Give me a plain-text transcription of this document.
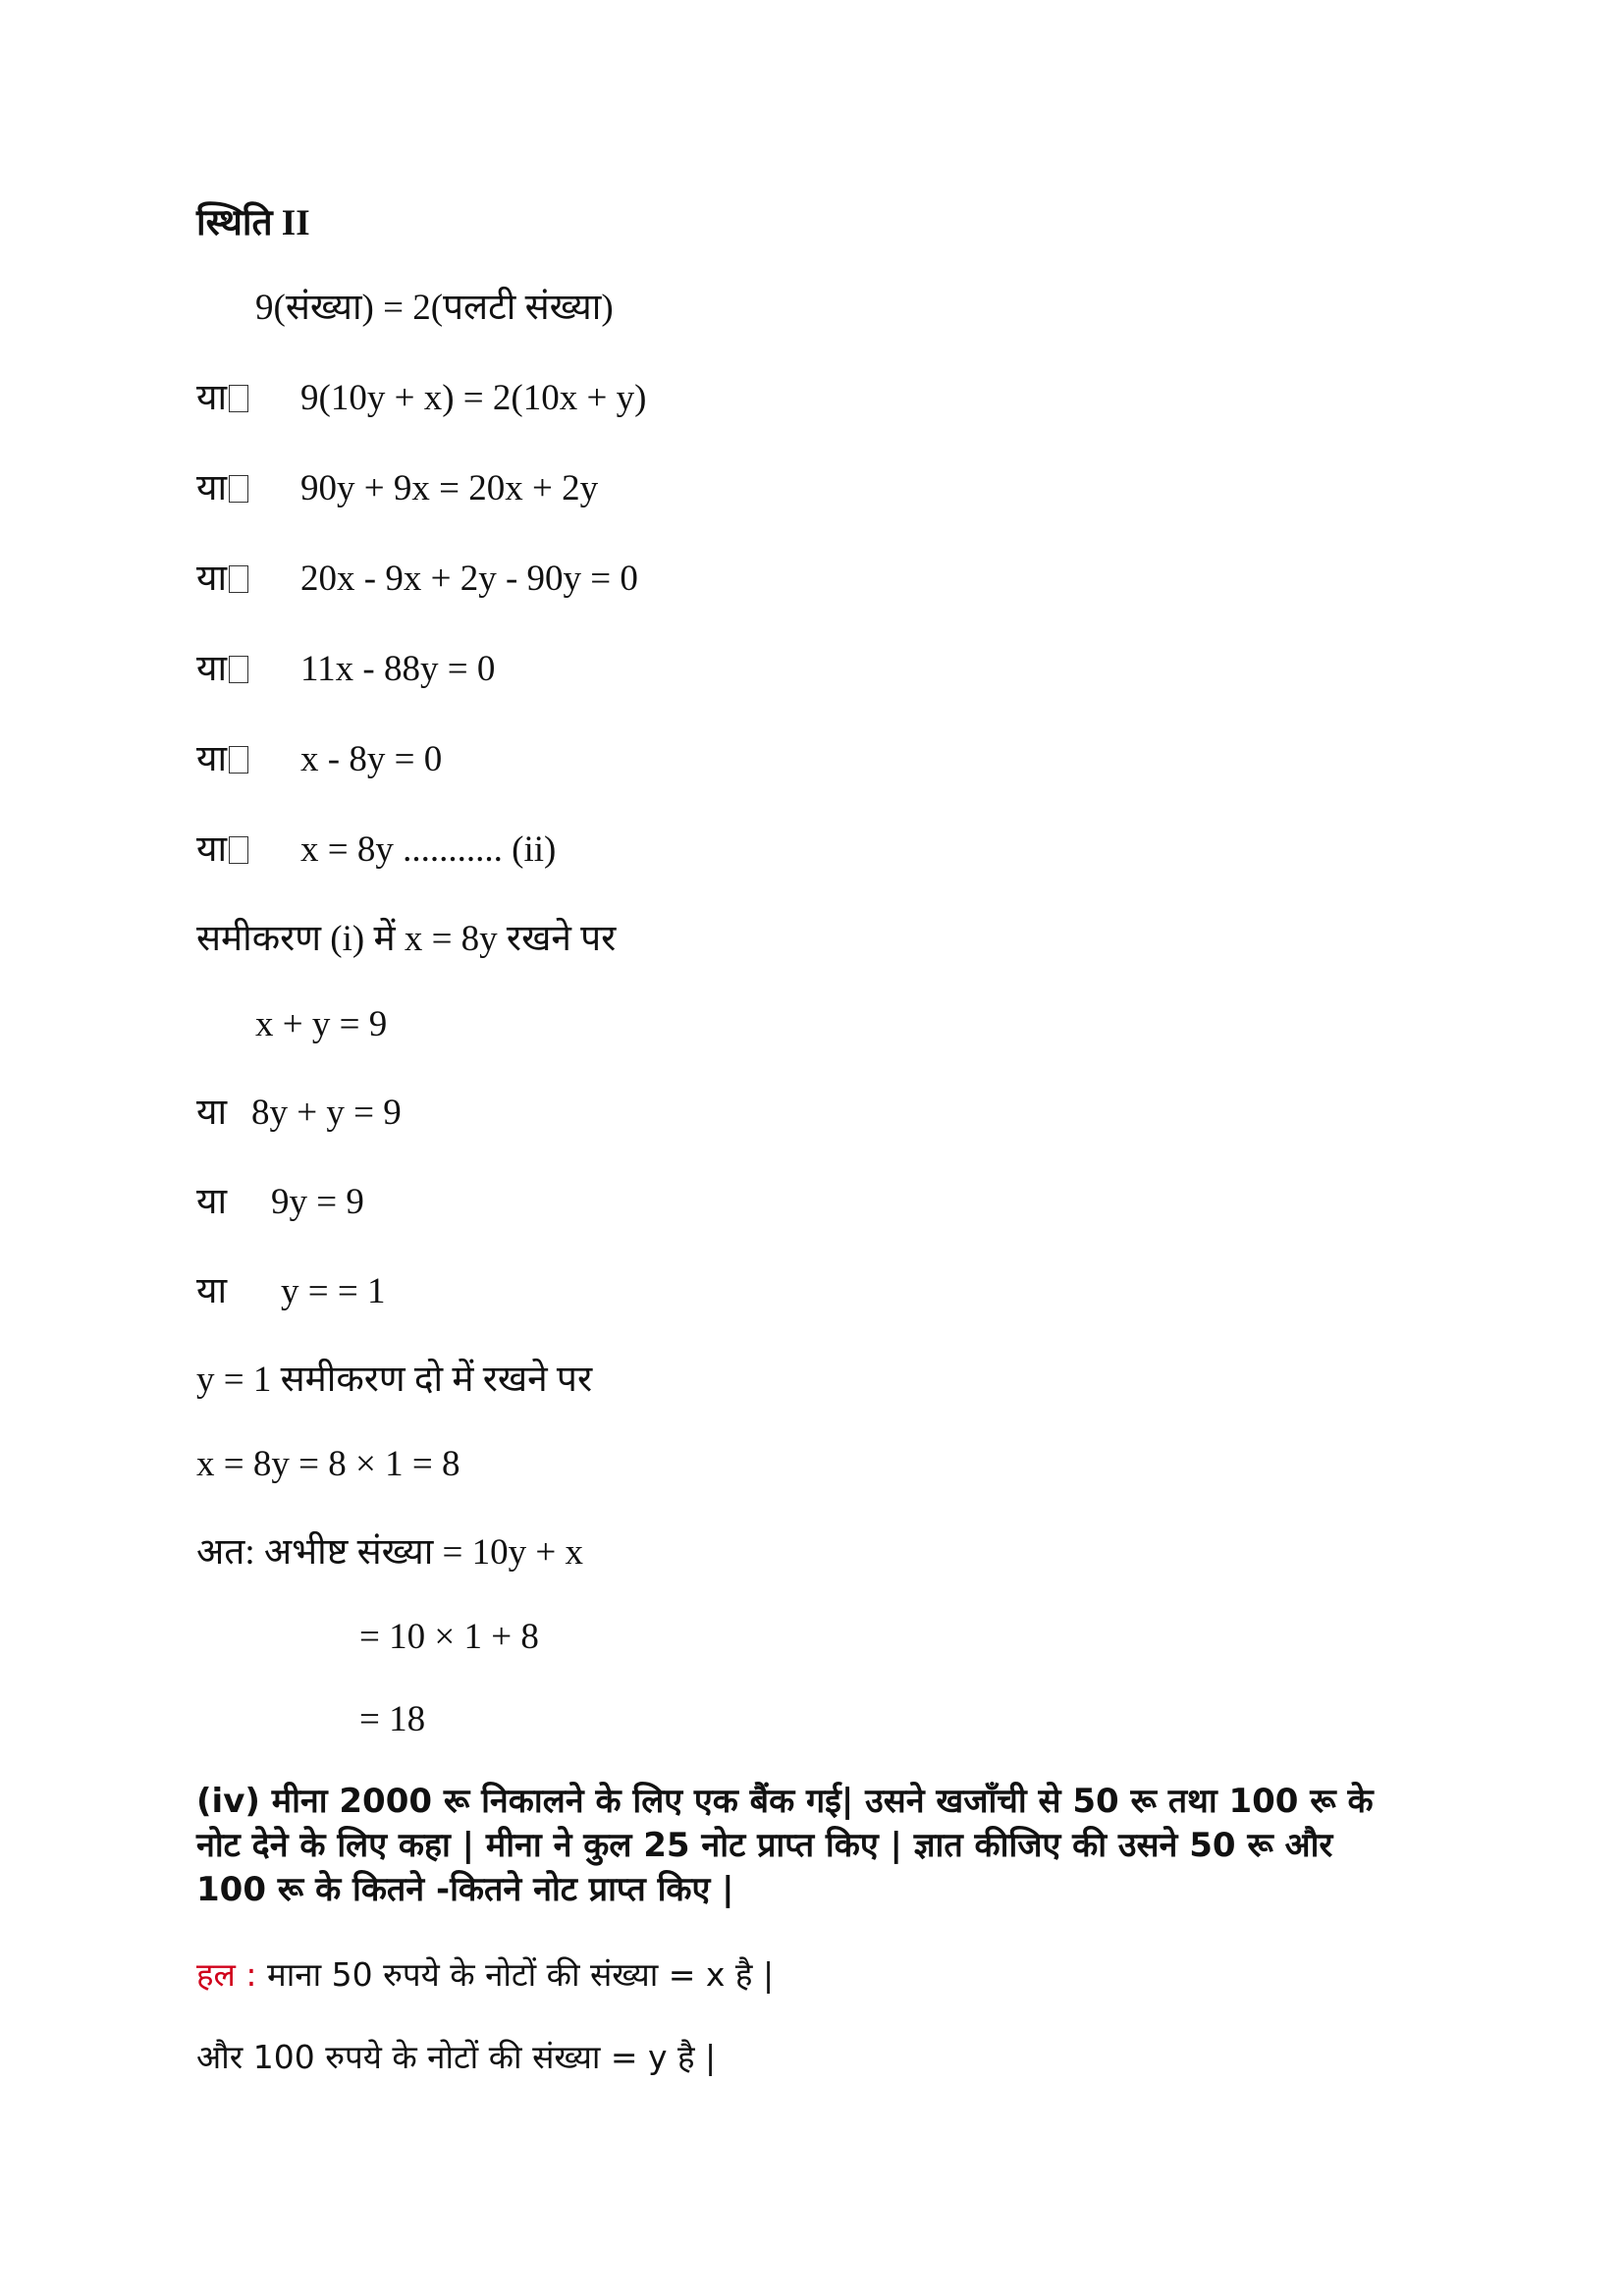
स्थिति II
9(संख्या) = 2(पलटी संख्या)
या 9(10y + x) = 2(10x + y)
या 90y + 9x = 20x + 2y
या 20x - 9x + 2y - 90y = 0
या 11x - 88y = 0
या x - 8y = 0
या x = 8y ........... (ii)
समीकरण (i) में x = 8y रखने पर
x + y = 9
या 8y + y = 9
या 9y = 9
या y = = 1
y = 1 समीकरण दो में रखने पर
x = 8y = 8 × 1 = 8
अत: अभीष्ट संख्या = 10y + x
= 10 × 1 + 8
= 18
(iv) मीना 2000 रू निकालने के लिए एक बैंक गई| उसने खजाँची से 50 रू तथा 100 रू के
नोट देने के लिए कहा | मीना ने कुल 25 नोट प्राप्त किए | ज्ञात कीजिए की उसने 50 रू और
100 रू के कितने -कितने नोट प्राप्त किए |
हल : माना 50 रुपये के नोटों की संख्या = x है |
और 100 रुपये के नोटों की संख्या = y है |
